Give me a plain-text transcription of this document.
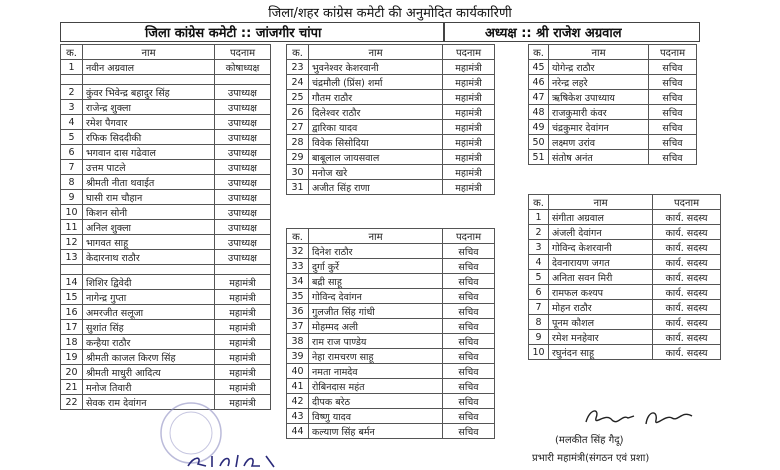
जिला/शहर कांग्रेस कमेटी की अनुमोदित कार्यकारिणी
जिला कांग्रेस कमेटी :: जांजगीर चांपा	अध्यक्ष :: श्री राजेश अग्रवाल
क.	नाम	पदनाम
1	नवीन अग्रवाल	कोषाध्यक्ष

2	कुंवर भिवेन्द्र बहादुर सिंह	उपाध्यक्ष
3	राजेन्द्र शुक्ला	उपाध्यक्ष
4	रमेश पैगवार	उपाध्यक्ष
5	रफिक सिददीकी	उपाध्यक्ष
6	भगवान दास गढेवाल	उपाध्यक्ष
7	उत्तम पाटले	उपाध्यक्ष
8	श्रीमती नीता थवाईत	उपाध्यक्ष
9	घासी राम चौहान	उपाध्यक्ष
10	किशन सोनी	उपाध्यक्ष
11	अनिल शुक्ला	उपाध्यक्ष
12	भागवत साहू	उपाध्यक्ष
13	केदारनाथ राठौर	उपाध्यक्ष

14	शिशिर द्विवेदी	महामंत्री
15	नागेन्द्र गुप्ता	महामंत्री
16	अमरजीत सलूजा	महामंत्री
17	सुशांत सिंह	महामंत्री
18	कन्हैया राठौर	महामंत्री
19	श्रीमती काजल किरण सिंह	महामंत्री
20	श्रीमती माधुरी आदित्य	महामंत्री
21	मनोज तिवारी	महामंत्री
22	सेवक राम देवांगन	महामंत्री
क.	नाम	पदनाम
23	भुवनेश्वर केशरवानी	महामंत्री
24	चंद्रमौली (प्रिंस) शर्मा	महामंत्री
25	गौतम राठौर	महामंत्री
26	दिलेश्वर राठौर	महामंत्री
27	द्वारिका यादव	महामंत्री
28	विवेक सिसोदिया	महामंत्री
29	बाबूलाल जायसवाल	महामंत्री
30	मनोज खरे	महामंत्री
31	अजीत सिंह राणा	महामंत्री
क.	नाम	पदनाम
32	दिनेश राठौर	सचिव
33	दुर्गा कुर्रे	सचिव
34	बद्री साहू	सचिव
35	गोविन्द देवांगन	सचिव
36	गुलजीत सिंह गांधी	सचिव
37	मोहम्मद अली	सचिव
38	राम राज पाण्डेय	सचिव
39	नेहा रामचरण साहू	सचिव
40	नमता नामदेव	सचिव
41	रोबिनदास महंत	सचिव
42	दीपक बरेठ	सचिव
43	विष्णु यादव	सचिव
44	कल्याण सिंह बर्मन	सचिव
क.	नाम	पदनाम
45	योगेन्द्र राठौर	सचिव
46	नरेन्द्र लहरे	सचिव
47	ऋषिकेश उपाध्याय	सचिव
48	राजकुमारी कंवर	सचिव
49	चंद्रकुमार देवांगन	सचिव
50	लक्ष्मण उरांव	सचिव
51	संतोष अनंत	सचिव
क.	नाम	पदनाम
1	संगीता अग्रवाल	कार्य. सदस्य
2	अंजली देवांगन	कार्य. सदस्य
3	गोविन्द केशरवानी	कार्य. सदस्य
4	देवनारायण जगत	कार्य. सदस्य
5	अनिता सवन मिरी	कार्य. सदस्य
6	रामफल कश्यप	कार्य. सदस्य
7	मोहन राठौर	कार्य. सदस्य
8	पूनम कौशल	कार्य. सदस्य
9	रमेश मनहेवार	कार्य. सदस्य
10	रघुनंदन साहू	कार्य. सदस्य
(मलकीत सिंह गैदू)
प्रभारी महामंत्री(संगठन एवं प्रशा)
